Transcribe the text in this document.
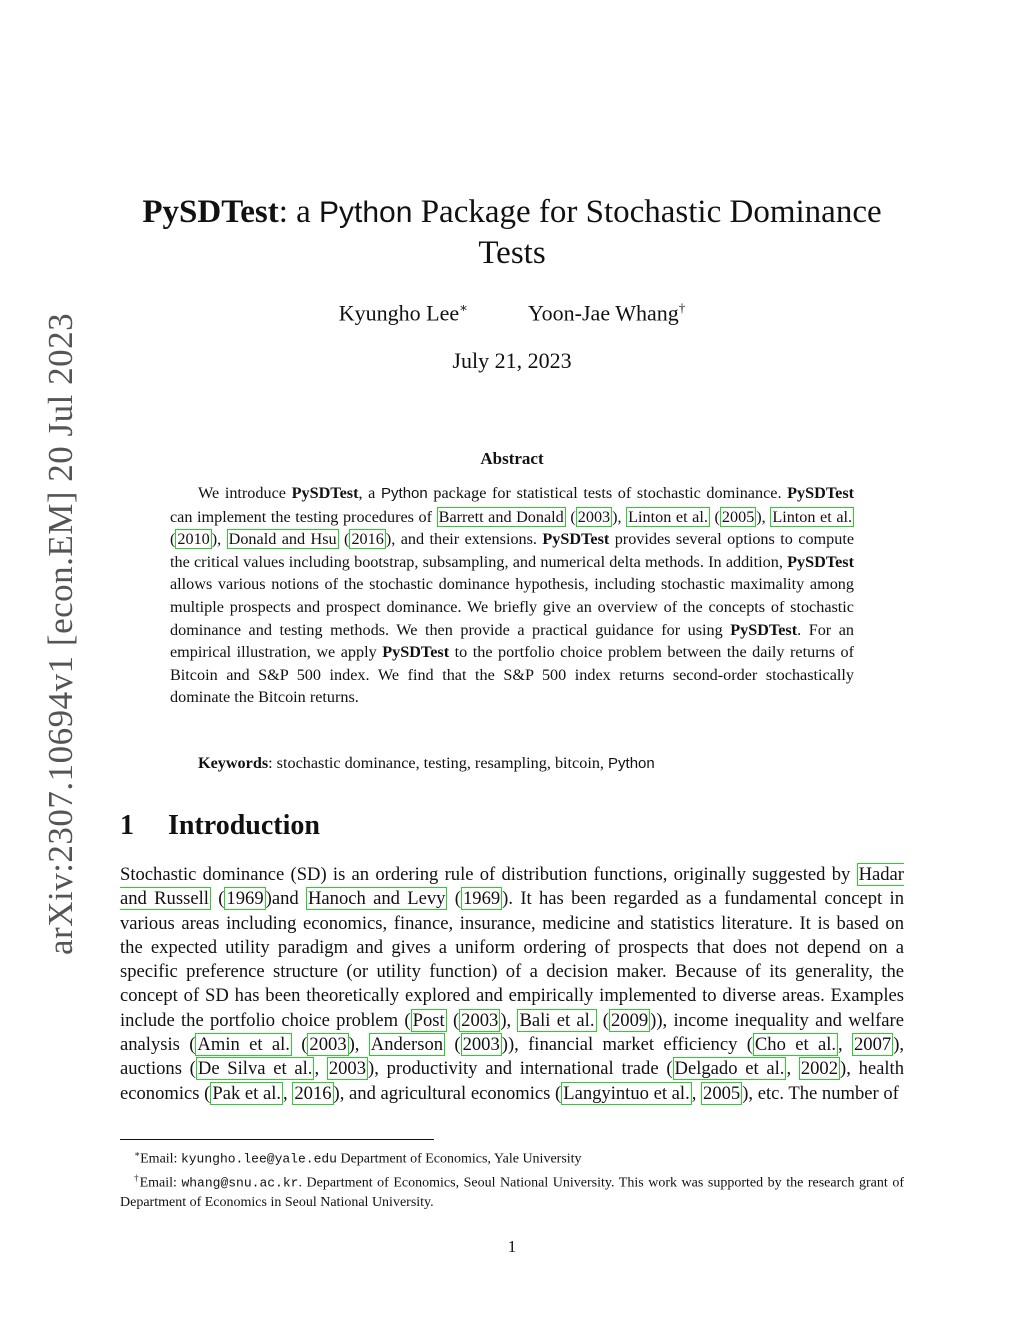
arXiv:2307.10694v1 [econ.EM] 20 Jul 2023
PySDTest: a Python Package for Stochastic Dominance Tests
Kyungho Lee∗	Yoon-Jae Whang†
July 21, 2023
Abstract

We introduce PySDTest, a Python package for statistical tests of stochastic dominance. PySDTest can implement the testing procedures of Barrett and Donald ( 2003 ), Linton et al. ( 2005 ), Linton et al. ( 2010 ), Donald and Hsu ( 2016 ), and their extensions. PySDTest provides several options to compute the critical values including bootstrap, subsampling, and numerical delta methods. In addition, PySDTest allows various notions of the stochastic dominance hypothesis, including stochastic maximality among multiple prospects and prospect dominance. We briefly give an overview of the concepts of stochastic dominance and testing methods. We then provide a practical guidance for using PySDTest. For an empirical illustration, we apply PySDTest to the portfolio choice problem between the daily returns of Bitcoin and S&P 500 index. We find that the S&P 500 index returns second-order stochastically dominate the Bitcoin returns.

Keywords: stochastic dominance, testing, resampling, bitcoin, Python

1 Introduction

Stochastic dominance (SD) is an ordering rule of distribution functions, originally suggested by Hadar and Russell ( 1969 )and Hanoch and Levy ( 1969 ). It has been regarded as a fundamental concept in various areas including economics, finance, insurance, medicine and statistics literature. It is based on the expected utility paradigm and gives a uniform ordering of prospects that does not depend on a specific preference structure (or utility function) of a decision maker. Because of its generality, the concept of SD has been theoretically explored and empirically implemented to diverse areas. Examples include the portfolio choice problem ( Post ( 2003 ), Bali et al. ( 2009 )), income inequality and welfare analysis ( Amin et al. ( 2003 ), Anderson ( 2003 )), financial market efficiency ( Cho et al. , 2007 ), auctions ( De Silva et al. , 2003 ), productivity and international trade ( Delgado et al. , 2002 ), health economics ( Pak et al. , 2016 ), and agricultural economics ( Langyintuo et al. , 2005 ), etc. The number of

∗Email: kyungho.lee@yale.edu Department of Economics, Yale University

†Email: whang@snu.ac.kr. Department of Economics, Seoul National University. This work was supported by the research grant of Department of Economics in Seoul National University.

1
